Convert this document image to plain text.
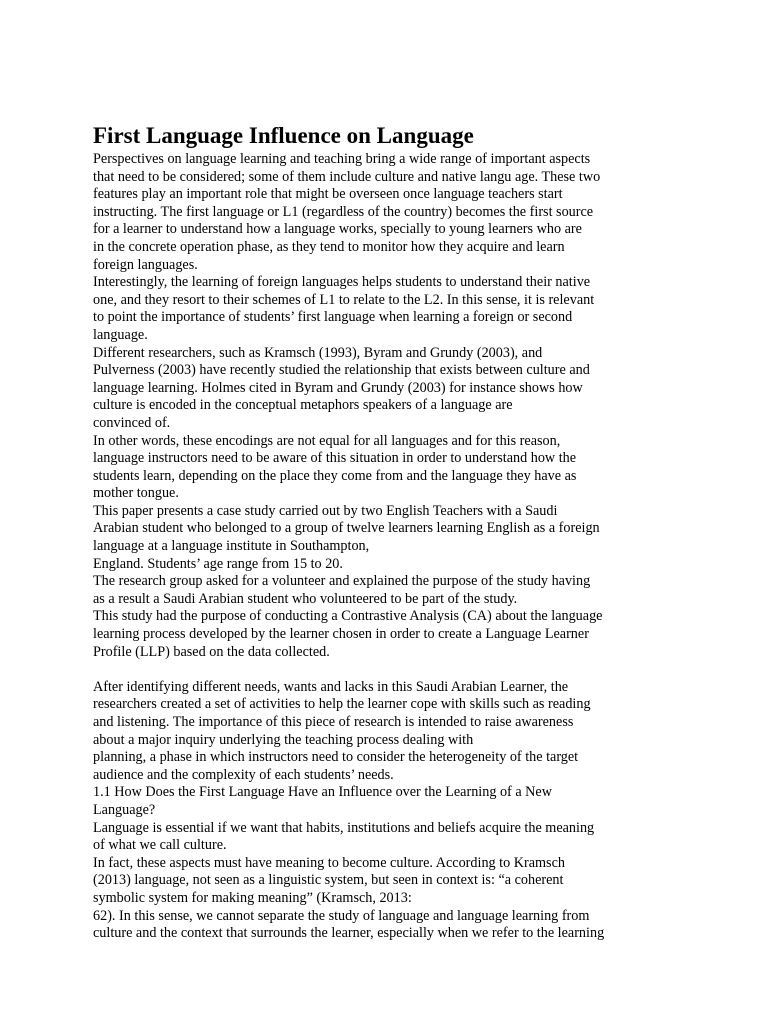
First Language Influence on Language
Perspectives on language learning and teaching bring a wide range of important aspects
that need to be considered; some of them include culture and native langu age. These two
features play an important role that might be overseen once language teachers start
instructing. The first language or L1 (regardless of the country) becomes the first source
for a learner to understand how a language works, specially to young learners who are
in the concrete operation phase, as they tend to monitor how they acquire and learn
foreign languages.
Interestingly, the learning of foreign languages helps students to understand their native
one, and they resort to their schemes of L1 to relate to the L2. In this sense, it is relevant
to point the importance of students’ first language when learning a foreign or second
language.
Different researchers, such as Kramsch (1993), Byram and Grundy (2003), and
Pulverness (2003) have recently studied the relationship that exists between culture and
language learning. Holmes cited in Byram and Grundy (2003) for instance shows how
culture is encoded in the conceptual metaphors speakers of a language are
convinced of.
In other words, these encodings are not equal for all languages and for this reason,
language instructors need to be aware of this situation in order to understand how the
students learn, depending on the place they come from and the language they have as
mother tongue.
This paper presents a case study carried out by two English Teachers with a Saudi
Arabian student who belonged to a group of twelve learners learning English as a foreign
language at a language institute in Southampton,
England. Students’ age range from 15 to 20.
The research group asked for a volunteer and explained the purpose of the study having
as a result a Saudi Arabian student who volunteered to be part of the study.
This study had the purpose of conducting a Contrastive Analysis (CA) about the language
learning process developed by the learner chosen in order to create a Language Learner
Profile (LLP) based on the data collected.
After identifying different needs, wants and lacks in this Saudi Arabian Learner, the
researchers created a set of activities to help the learner cope with skills such as reading
and listening. The importance of this piece of research is intended to raise awareness
about a major inquiry underlying the teaching process dealing with
planning, a phase in which instructors need to consider the heterogeneity of the target
audience and the complexity of each students’ needs.
1.1 How Does the First Language Have an Influence over the Learning of a New
Language?
Language is essential if we want that habits, institutions and beliefs acquire the meaning
of what we call culture.
In fact, these aspects must have meaning to become culture. According to Kramsch
(2013) language, not seen as a linguistic system, but seen in context is: “a coherent
symbolic system for making meaning” (Kramsch, 2013:
62). In this sense, we cannot separate the study of language and language learning from
culture and the context that surrounds the learner, especially when we refer to the learning
